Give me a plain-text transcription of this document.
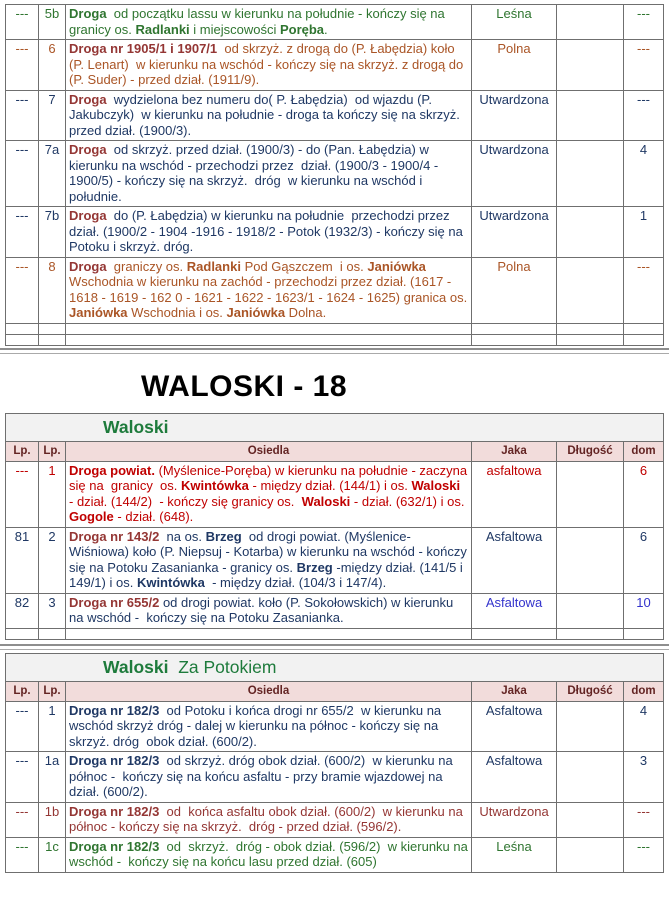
---	5b	Droga  od początku lassu w kierunku na południe - kończy się na granicy os. Radlanki i miejscowości Poręba.	Leśna		---
---	6	Droga nr 1905/1 i 1907/1  od skrzyż. z drogą do (P. Łabędzia) koło (P. Lenart)  w kierunku na wschód - kończy się na skrzyż. z drogą do (P. Suder) - przed dział. (1911/9).	Polna		---
---	7	Droga  wydzielona bez numeru do( P. Łabędzia)  od wjazdu (P. Jakubczyk)  w kierunku na południe - droga ta kończy się na skrzyż. przed dział. (1900/3).	Utwardzona		---
---	7a	Droga  od skrzyż. przed dział. (1900/3) - do (Pan. Łabędzia) w kierunku na wschód - przechodzi przez  dział. (1900/3 - 1900/4 - 1900/5) - kończy się na skrzyż.  dróg  w kierunku na wschód i południe.	Utwardzona		4
---	7b	Droga  do (P. Łabędzia) w kierunku na południe  przechodzi przez dział. (1900/2 - 1904 -1916 - 1918/2 - Potok (1932/3) - kończy się na Potoku i skrzyż. dróg.	Utwardzona		1
---	8	Droga  graniczy os. Radlanki Pod Gąszczem  i os. Janiówka Wschodnia w kierunku na zachód - przechodzi przez dział. (1617 - 1618 - 1619 - 162 0 - 1621 - 1622 - 1623/1 - 1624 - 1625) granica os. Janiówka Wschodnia i os. Janiówka Dolna.	Polna		---

WALOSKI - 18
Waloski					
Lp.	Lp.	Osiedla	Jaka	Długość	dom
---	1	Droga powiat. (Myślenice-Poręba) w kierunku na południe - zaczyna się na  granicy  os. Kwintówka - między dział. (144/1) i os. Waloski - dział. (144/2)  - kończy się granicy os.  Waloski - dział. (632/1) i os. Gogole - dział. (648).	asfaltowa		6
81	2	Droga nr 143/2  na os. Brzeg  od drogi powiat. (Myślenice-Wiśniowa) koło (P. Niepsuj - Kotarba) w kierunku na wschód - kończy się na Potoku Zasanianka - granicy os. Brzeg -między dział. (141/5 i 149/1) i os. Kwintówka  - między dział. (104/3 i 147/4).	Asfaltowa		6
82	3	Droga nr 655/2 od drogi powiat. koło (P. Sokołowskich) w kierunku na wschód -  kończy się na Potoku Zasanianka.	Asfaltowa		10

Waloski  Za Potokiem					
Lp.	Lp.	Osiedla	Jaka	Długość	dom
---	1	Droga nr 182/3  od Potoku i końca drogi nr 655/2  w kierunku na wschód skrzyż dróg - dalej w kierunku na północ - kończy się na skrzyż. dróg  obok dział. (600/2).	Asfaltowa		4
---	1a	Droga nr 182/3  od skrzyż. dróg obok dział. (600/2)  w kierunku na północ -  kończy się na końcu asfaltu - przy bramie wjazdowej na dział. (600/2).	Asfaltowa		3
---	1b	Droga nr 182/3  od  końca asfaltu obok dział. (600/2)  w kierunku na północ - kończy się na skrzyż.  dróg - przed dział. (596/2).	Utwardzona		---
---	1c	Droga nr 182/3  od  skrzyż.  dróg - obok dział. (596/2)  w kierunku na wschód -  kończy się na końcu lasu przed dział. (605)	Leśna		---
